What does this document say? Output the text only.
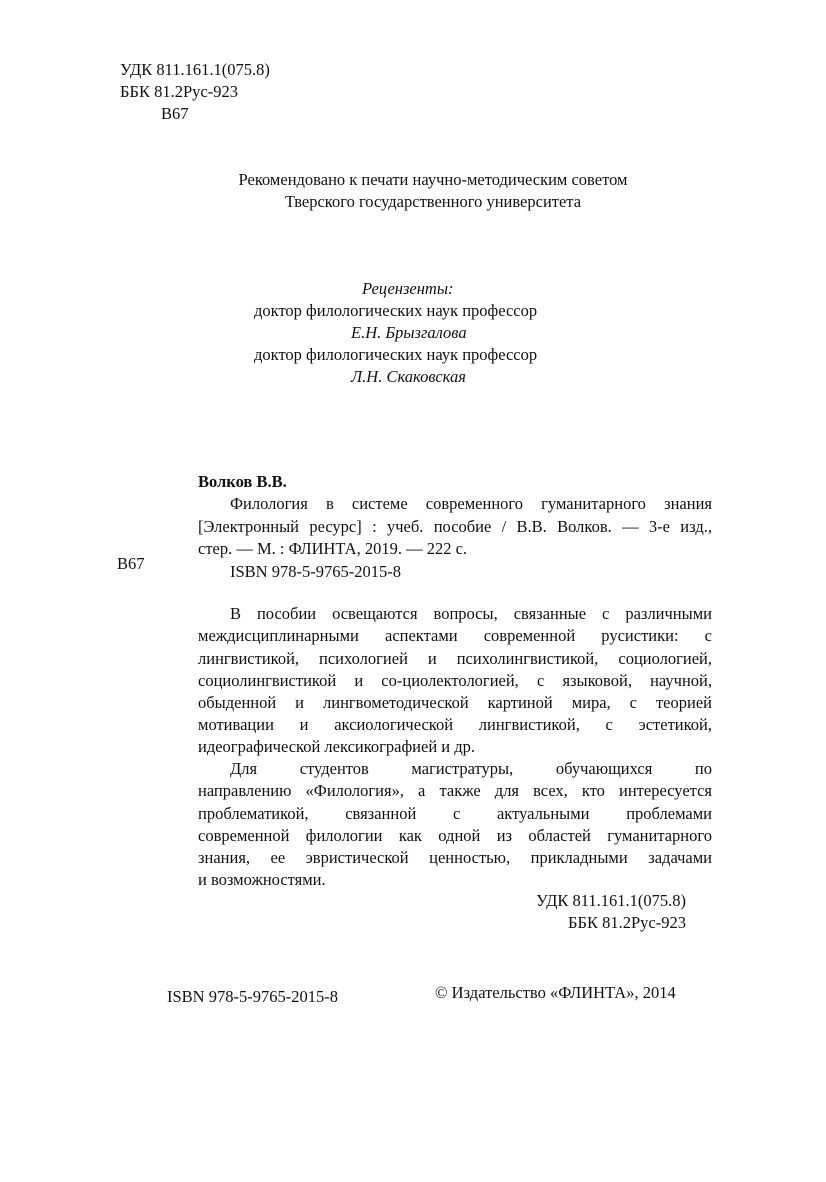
УДК 811.161.1(075.8)
ББК 81.2Рус-923
В67
Рекомендовано к печати научно-методическим советом
Тверского государственного университета
Рецензенты:
доктор филологических наук профессор
Е.Н. Брызгалова
доктор филологических наук профессор
Л.Н. Скаковская
Волков В.В.
Филология в системе современного гуманитарного знания
[Электронный ресурс] : учеб. пособие / В.В. Волков. — 3-е изд.,
стер. — М. : ФЛИНТА, 2019. — 222 с.
В67	ISBN 978-5-9765-2015-8
В пособии освещаются вопросы, связанные с различными
междисциплинарными аспектами современной русистики: с
лингвистикой, психологией и психолингвистикой, социологией,
социолингвистикой и со-циолектологией, с языковой, научной,
обыденной и лингвометодической картиной мира, с теорией
мотивации и аксиологической лингвистикой, с эстетикой,
идеографической лексикографией и др.
Для студентов магистратуры, обучающихся по
направлению «Филология», а также для всех, кто интересуется
проблематикой, связанной с актуальными проблемами
современной филологии как одной из областей гуманитарного
знания, ее эвристической ценностью, прикладными задачами
и возможностями.
УДК 811.161.1(075.8)
ББК 81.2Рус-923
ISBN 978-5-9765-2015-8	© Издательство «ФЛИНТА», 2014
